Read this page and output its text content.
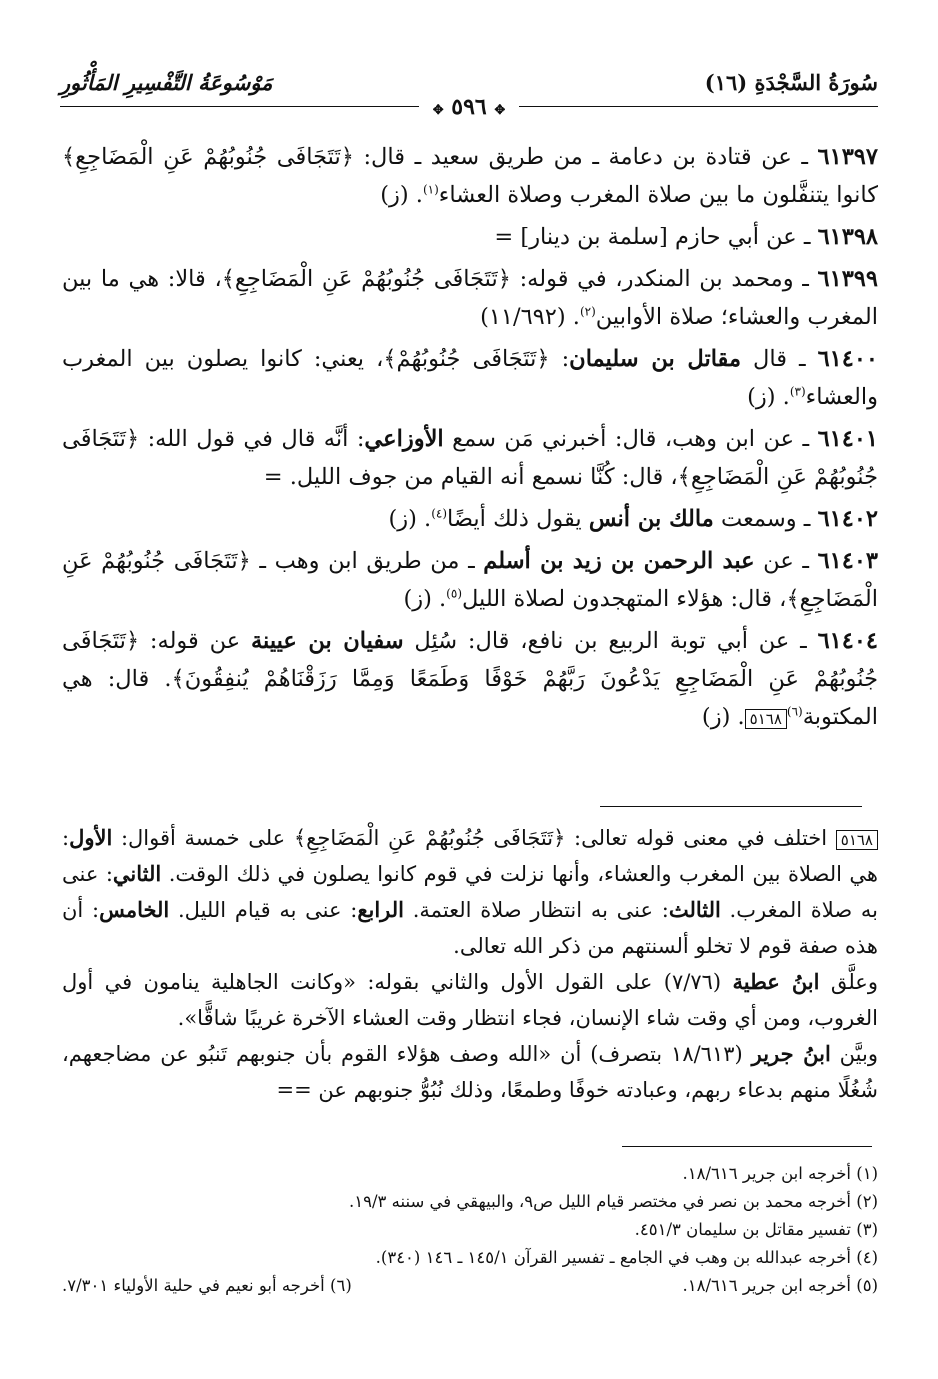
سُورَةُ السَّجْدَةِ (١٦)
مَوْسُوعَةُ التَّفْسِيرِ المَأْثُورِ
✥ ٥٩٦ ✥

٦١٣٩٧ ـ عن قتادة بن دعامة ـ من طريق سعيد ـ قال: ﴿تَتَجَافَى جُنُوبُهُمْ عَنِ الْمَضَاجِعِ﴾ كانوا يتنفَّلون ما بين صلاة المغرب وصلاة العشاء$^{(١)}$. (ز)

٦١٣٩٨ ـ عن أبي حازم [سلمة بن دينار] =

٦١٣٩٩ ـ ومحمد بن المنكدر، في قوله: ﴿تَتَجَافَى جُنُوبُهُمْ عَنِ الْمَضَاجِعِ﴾، قالا: هي ما بين المغرب والعشاء؛ صلاة الأوابين$^{(٢)}$. (١١/٦٩٢)

٦١٤٠٠ ـ قال مقاتل بن سليمان: ﴿تَتَجَافَى جُنُوبُهُمْ﴾، يعني: كانوا يصلون بين المغرب والعشاء$^{(٣)}$. (ز)

٦١٤٠١ ـ عن ابن وهب، قال: أخبرني مَن سمع الأوزاعي: أنَّه قال في قول الله: ﴿تَتَجَافَى جُنُوبُهُمْ عَنِ الْمَضَاجِعِ﴾، قال: كُنَّا نسمع أنه القيام من جوف الليل. =

٦١٤٠٢ ـ وسمعت مالك بن أنس يقول ذلك أيضًا$^{(٤)}$. (ز)

٦١٤٠٣ ـ عن عبد الرحمن بن زيد بن أسلم ـ من طريق ابن وهب ـ ﴿تَتَجَافَى جُنُوبُهُمْ عَنِ الْمَضَاجِعِ﴾، قال: هؤلاء المتهجدون لصلاة الليل$^{(٥)}$. (ز)

٦١٤٠٤ ـ عن أبي توبة الربيع بن نافع، قال: سُئِل سفيان بن عيينة عن قوله: ﴿تَتَجَافَى جُنُوبُهُمْ عَنِ الْمَضَاجِعِ يَدْعُونَ رَبَّهُمْ خَوْفًا وَطَمَعًا وَمِمَّا رَزَقْنَاهُمْ يُنفِقُونَ﴾. قال: هي المكتوبة$^{(٦)}$٥١٦٨. (ز)

٥١٦٨ اختلف في معنى قوله تعالى: ﴿تَتَجَافَى جُنُوبُهُمْ عَنِ الْمَضَاجِعِ﴾ على خمسة أقوال: الأول: هي الصلاة بين المغرب والعشاء، وأنها نزلت في قوم كانوا يصلون في ذلك الوقت. الثاني: عنى به صلاة المغرب. الثالث: عنى به انتظار صلاة العتمة. الرابع: عنى به قيام الليل. الخامس: أن هذه صفة قوم لا تخلو ألسنتهم من ذكر الله تعالى.

وعلَّق ابنُ عطية (٧/٧٦) على القول الأول والثاني بقوله: «وكانت الجاهلية ينامون في أول الغروب، ومن أي وقت شاء الإنسان، فجاء انتظار وقت العشاء الآخرة غريبًا شاقًّا».

وبيَّن ابنُ جرير (١٨/٦١٣ بتصرف) أن «الله وصف هؤلاء القوم بأن جنوبهم تَنبُو عن مضاجعهم، شُغُلًا منهم بدعاء ربهم، وعبادته خوفًا وطمعًا، وذلك نُبُوُّ جنوبهم عن ==

(١) أخرجه ابن جرير ١٨/٦١٦.
(٢) أخرجه محمد بن نصر في مختصر قيام الليل ص٩، والبيهقي في سننه ١٩/٣.
(٣) تفسير مقاتل بن سليمان ٤٥١/٣.
(٤) أخرجه عبدالله بن وهب في الجامع ـ تفسير القرآن ١٤٥/١ ـ ١٤٦ (٣٤٠).
(٥) أخرجه ابن جرير ١٨/٦١٦.
(٦) أخرجه أبو نعيم في حلية الأولياء ٧/٣٠١.
